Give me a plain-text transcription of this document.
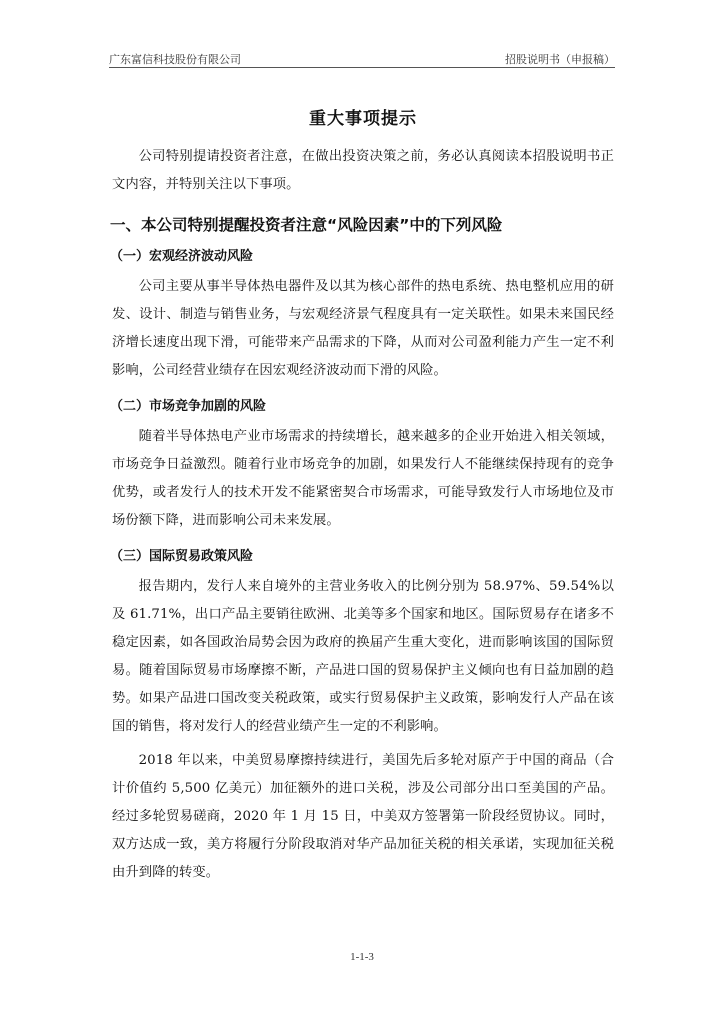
广东富信科技股份有限公司	招股说明书（申报稿）
重大事项提示

公司特别提请投资者注意，在做出投资决策之前，务必认真阅读本招股说明书正文内容，并特别关注以下事项。

一、本公司特别提醒投资者注意“风险因素”中的下列风险
（一）宏观经济波动风险

公司主要从事半导体热电器件及以其为核心部件的热电系统、热电整机应用的研发、设计、制造与销售业务，与宏观经济景气程度具有一定关联性。如果未来国民经济增长速度出现下滑，可能带来产品需求的下降，从而对公司盈利能力产生一定不利影响，公司经营业绩存在因宏观经济波动而下滑的风险。

（二）市场竞争加剧的风险

随着半导体热电产业市场需求的持续增长，越来越多的企业开始进入相关领域，市场竞争日益激烈。随着行业市场竞争的加剧，如果发行人不能继续保持现有的竞争优势，或者发行人的技术开发不能紧密契合市场需求，可能导致发行人市场地位及市场份额下降，进而影响公司未来发展。

（三）国际贸易政策风险

报告期内，发行人来自境外的主营业务收入的比例分别为 58.97%、59.54%以及 61.71%，出口产品主要销往欧洲、北美等多个国家和地区。国际贸易存在诸多不稳定因素，如各国政治局势会因为政府的换届产生重大变化，进而影响该国的国际贸易。随着国际贸易市场摩擦不断，产品进口国的贸易保护主义倾向也有日益加剧的趋势。如果产品进口国改变关税政策，或实行贸易保护主义政策，影响发行人产品在该国的销售，将对发行人的经营业绩产生一定的不利影响。

2018 年以来，中美贸易摩擦持续进行，美国先后多轮对原产于中国的商品（合计价值约 5,500 亿美元）加征额外的进口关税，涉及公司部分出口至美国的产品。经过多轮贸易磋商，2020 年 1 月 15 日，中美双方签署第一阶段经贸协议。同时，双方达成一致，美方将履行分阶段取消对华产品加征关税的相关承诺，实现加征关税由升到降的转变。

1-1-3
